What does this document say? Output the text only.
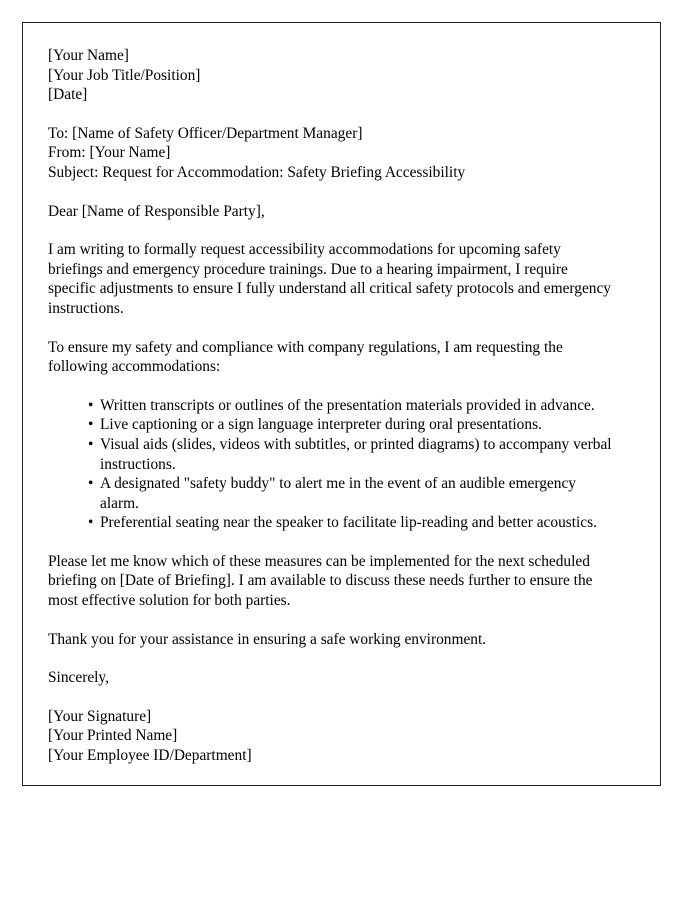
[Your Name]
[Your Job Title/Position]
[Date]
To: [Name of Safety Officer/Department Manager]
From: [Your Name]
Subject: Request for Accommodation: Safety Briefing Accessibility

Dear [Name of Responsible Party],

I am writing to formally request accessibility accommodations for upcoming safety briefings and emergency procedure trainings. Due to a hearing impairment, I require specific adjustments to ensure I fully understand all critical safety protocols and emergency instructions.

To ensure my safety and compliance with company regulations, I am requesting the following accommodations:

• Written transcripts or outlines of the presentation materials provided in advance.
• Live captioning or a sign language interpreter during oral presentations.
• Visual aids (slides, videos with subtitles, or printed diagrams) to accompany verbal instructions.
• A designated "safety buddy" to alert me in the event of an audible emergency alarm.
• Preferential seating near the speaker to facilitate lip-reading and better acoustics.

Please let me know which of these measures can be implemented for the next scheduled briefing on [Date of Briefing]. I am available to discuss these needs further to ensure the most effective solution for both parties.

Thank you for your assistance in ensuring a safe working environment.

Sincerely,

[Your Signature]
[Your Printed Name]
[Your Employee ID/Department]
